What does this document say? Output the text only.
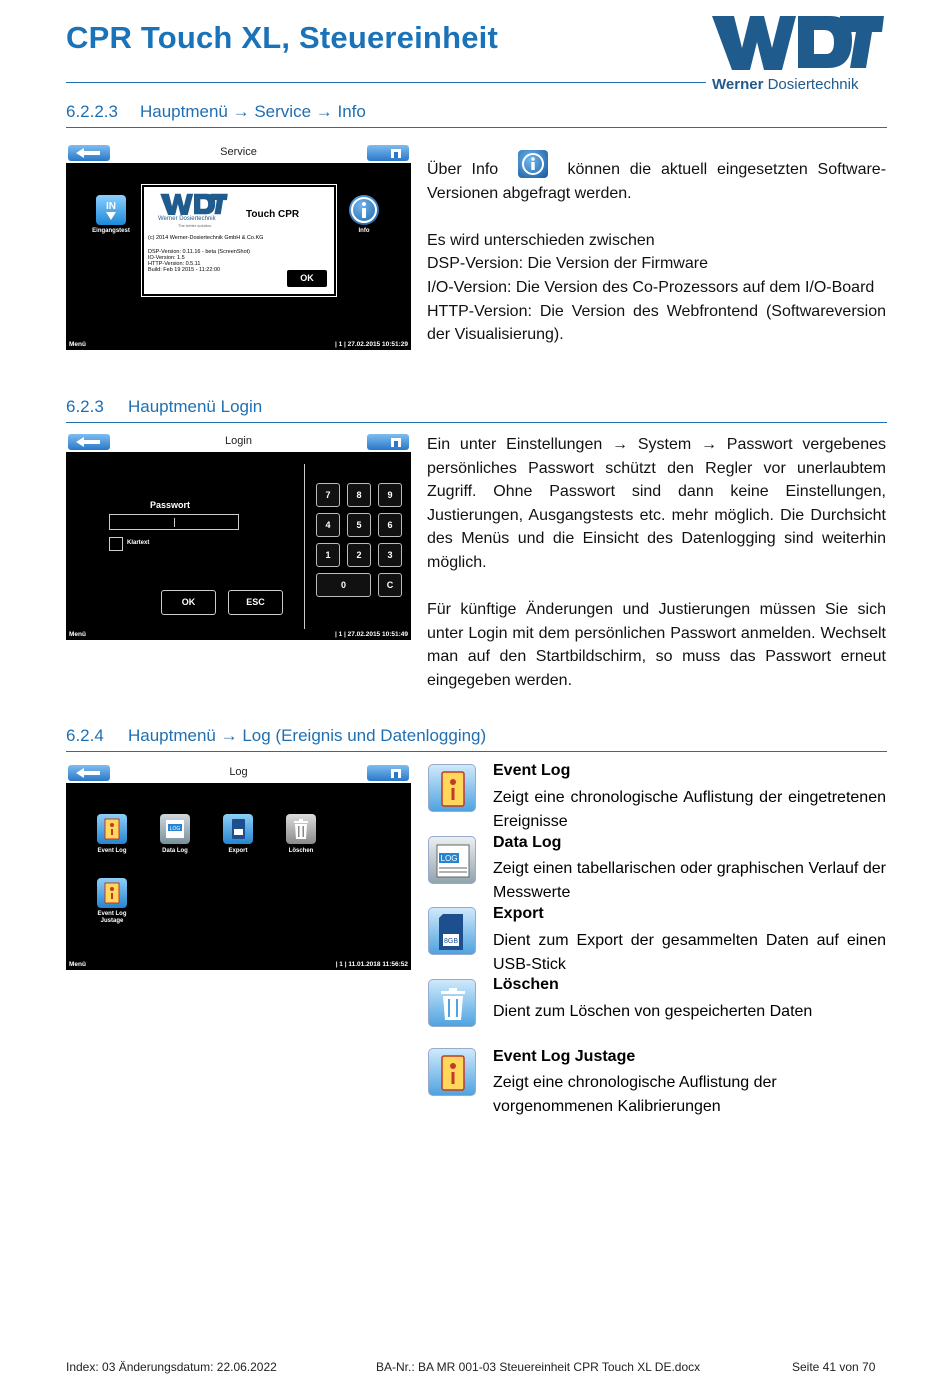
CPR Touch XL, Steuereinheit
WDT
Werner Dosiertechnik
6.2.2.3 Hauptmenü → Service → Info
Service
IN
Eingangstest	Info
Werner Dosiertechnik
The better solution.
Touch CPR
(c) 2014 Werner-Dosiertechnik GmbH & Co.KG
DSP-Version: 0.11.16 - beta (ScreenShot)
IO-Version: 1.5
HTTP-Version: 0.5.11
Build: Feb 19 2015 - 11:22:00
OK
Menü	| 1 | 27.02.2015 10:51:29

Über Info	können die aktuell eingesetzten Software-Versionen abgefragt werden.

Es wird unterschieden zwischen

DSP-Version: Die Version der Firmware

I/O-Version: Die Version des Co-Prozessors auf dem I/O-Board

HTTP-Version: Die Version des Webfrontend (Softwareversion der Visualisierung).

6.2.3 Hauptmenü Login
Login
Passwort
Klartext
OK	ESC
7	8	9
4	5	6
1	2	3
0	C
Menü	| 1 | 27.02.2015 10:51:49

Ein unter Einstellungen → System → Passwort vergebenes persönliches Passwort schützt den Regler vor unerlaubtem Zugriff. Ohne Passwort sind dann keine Einstellungen, Justierungen, Ausgangstests etc. mehr möglich. Die Durchsicht des Menüs und die Einsicht des Datenlogging sind weiterhin möglich.

Für künftige Änderungen und Justierungen müssen Sie sich unter Login mit dem persönlichen Passwort anmelden. Wechselt man auf den Startbildschirm, so muss das Passwort erneut eingegeben werden.

6.2.4 Hauptmenü → Log (Ereignis und Datenlogging)
Log
Event Log
LOG
Data Log	Export	Löschen
Event Log Justage
Menü	| 1 | 11.01.2018 11:56:52
Event Log
Zeigt eine chronologische Auflistung der eingetretenen Ereignisse
LOG
Data Log
Zeigt einen tabellarischen oder graphischen Verlauf der Messwerte
8GB
Export
Dient zum Export der gesammelten Daten auf einen USB-Stick
Löschen
Dient zum Löschen von gespeicherten Daten
Event Log Justage
Zeigt eine chronologische Auflistung der vorgenommenen Kalibrierungen
Index: 03 Änderungsdatum: 22.06.2022	BA-Nr.: BA MR 001-03 Steuereinheit CPR Touch XL DE.docx	Seite 41 von 70
